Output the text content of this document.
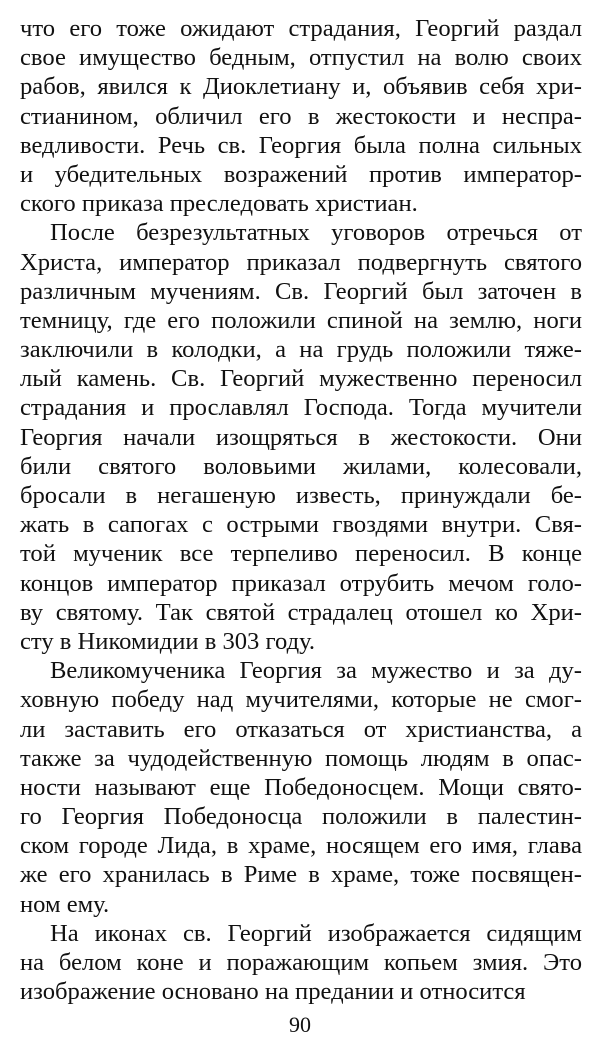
что его тоже ожидают страдания, Георгий раздал
свое имущество бедным, отпустил на волю своих
рабов, явился к Диоклетиану и, объявив себя хри-
стианином, обличил его в жестокости и неспра-
ведливости. Речь св. Георгия была полна сильных
и убедительных возражений против император-
ского приказа преследовать христиан.
После безрезультатных уговоров отречься от
Христа, император приказал подвергнуть святого
различным мучениям. Св. Георгий был заточен в
темницу, где его положили спиной на землю, ноги
заключили в колодки, а на грудь положили тяже-
лый камень. Св. Георгий мужественно переносил
страдания и прославлял Господа. Тогда мучители
Георгия начали изощряться в жестокости. Они
били святого воловьими жилами, колесовали,
бросали в негашеную известь, принуждали бе-
жать в сапогах с острыми гвоздями внутри. Свя-
той мученик все терпеливо переносил. В конце
концов император приказал отрубить мечом голо-
ву святому. Так святой страдалец отошел ко Хри-
сту в Никомидии в 303 году.
Великомученика Георгия за мужество и за ду-
ховную победу над мучителями, которые не смог-
ли заставить его отказаться от христианства, а
также за чудодейственную помощь людям в опас-
ности называют еще Победоносцем. Мощи свято-
го Георгия Победоносца положили в палестин-
ском городе Лида, в храме, носящем его имя, глава
же его хранилась в Риме в храме, тоже посвящен-
ном ему.
На иконах св. Георгий изображается сидящим
на белом коне и поражающим копьем змия. Это
изображение основано на предании и относится
90
